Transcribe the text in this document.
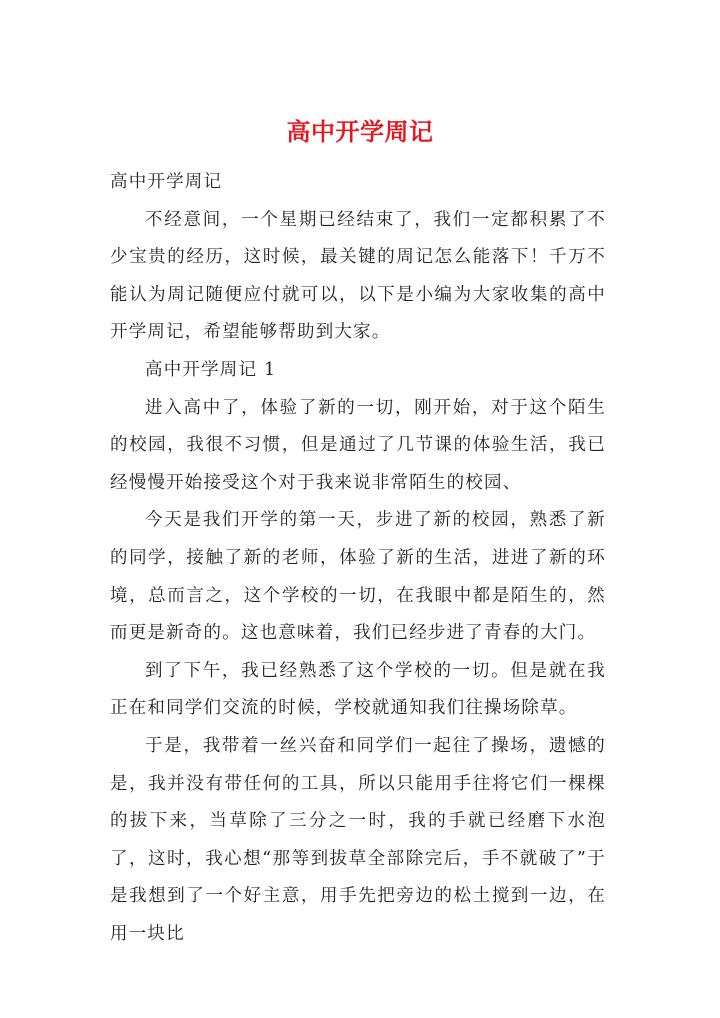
高中开学周记

高中开学周记

不经意间，一个星期已经结束了，我们一定都积累了不少宝贵的经历，这时候，最关键的周记怎么能落下！千万不能认为周记随便应付就可以，以下是小编为大家收集的高中开学周记，希望能够帮助到大家。

高中开学周记 1

进入高中了，体验了新的一切，刚开始，对于这个陌生的校园，我很不习惯，但是通过了几节课的体验生活，我已经慢慢开始接受这个对于我来说非常陌生的校园、

今天是我们开学的第一天，步进了新的校园，熟悉了新的同学，接触了新的老师，体验了新的生活，进进了新的环境，总而言之，这个学校的一切，在我眼中都是陌生的，然而更是新奇的。这也意味着，我们已经步进了青春的大门。

到了下午，我已经熟悉了这个学校的一切。但是就在我正在和同学们交流的时候，学校就通知我们往操场除草。

于是，我带着一丝兴奋和同学们一起往了操场，遗憾的是，我并没有带任何的工具，所以只能用手往将它们一棵棵的拔下来，当草除了三分之一时，我的手就已经磨下水泡了，这时，我心想“那等到拔草全部除完后，手不就破了”于是我想到了一个好主意，用手先把旁边的松土搅到一边，在用一块比
